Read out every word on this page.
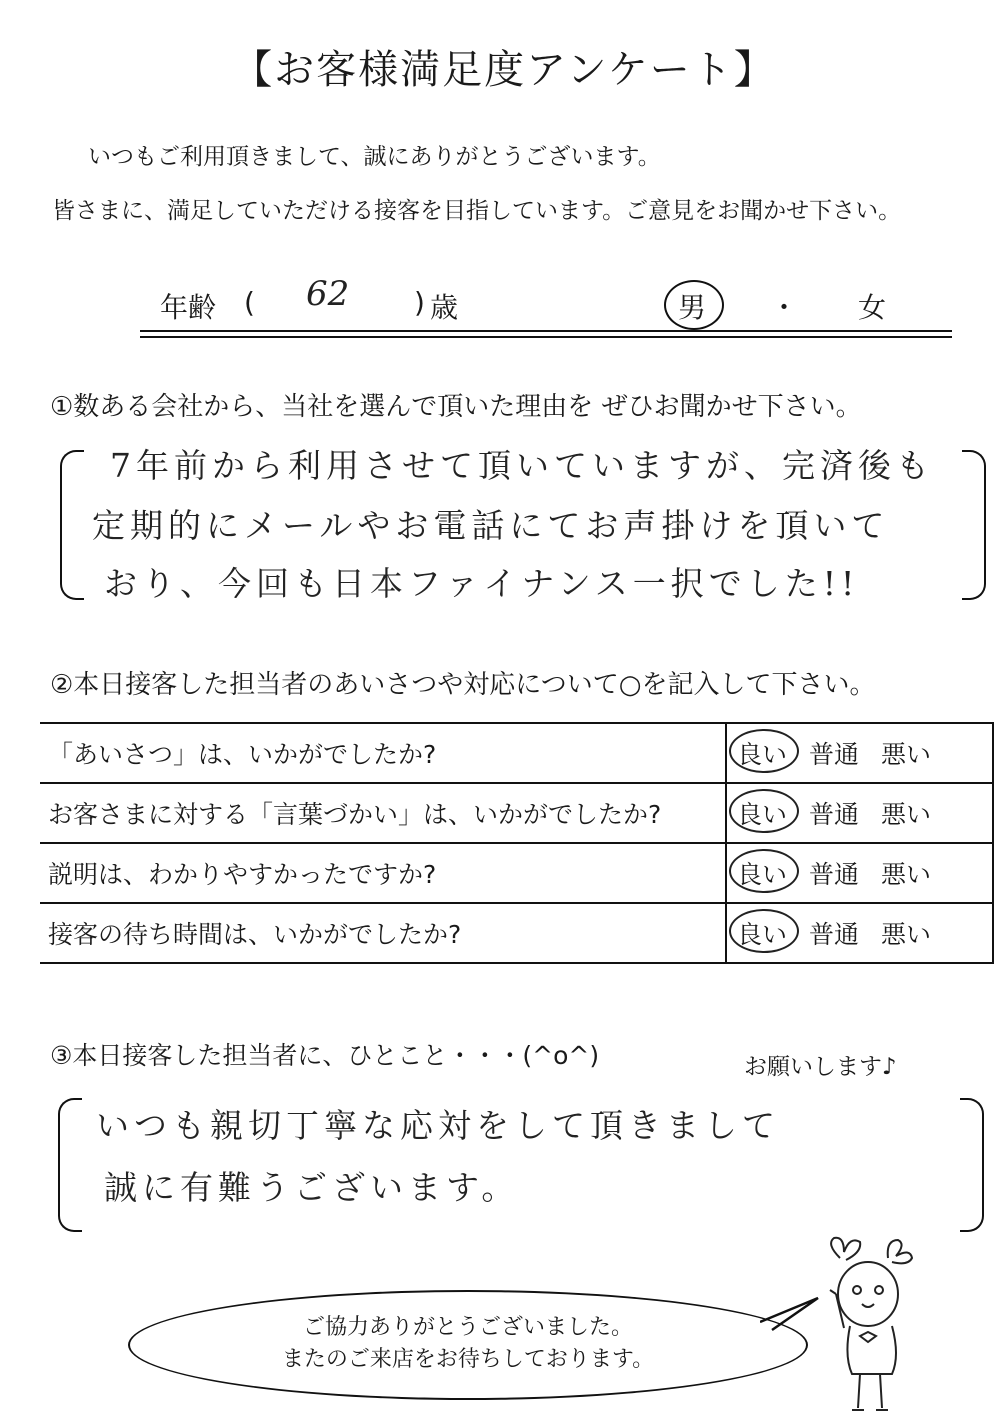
【お客様満足度アンケート】
いつもご利用頂きまして、誠にありがとうございます。
皆さまに、満足していただける接客を目指しています。ご意見をお聞かせ下さい。
年齢 ( 62 ) 歳	男 ・ 女
①数ある会社から、当社を選んで頂いた理由を ぜひお聞かせ下さい。
7年前から利用させて頂いていますが、完済後も
定期的にメールやお電話にてお声掛けを頂いて
おり、今回も日本ファイナンス一択でした!!
②本日接客した担当者のあいさつや対応について○を記入して下さい。
「あいさつ」は、いかがでしたか?	良い 普通 悪い
お客さまに対する「言葉づかい」は、いかがでしたか?	良い 普通 悪い
説明は、わかりやすかったですか?	良い 普通 悪い
接客の待ち時間は、いかがでしたか?	良い 普通 悪い
③本日接客した担当者に、ひとこと・・・(^o^)	お願いします♪
いつも親切丁寧な応対をして頂きまして
誠に有難うございます。
ご協力ありがとうございました。
またのご来店をお待ちしております。
